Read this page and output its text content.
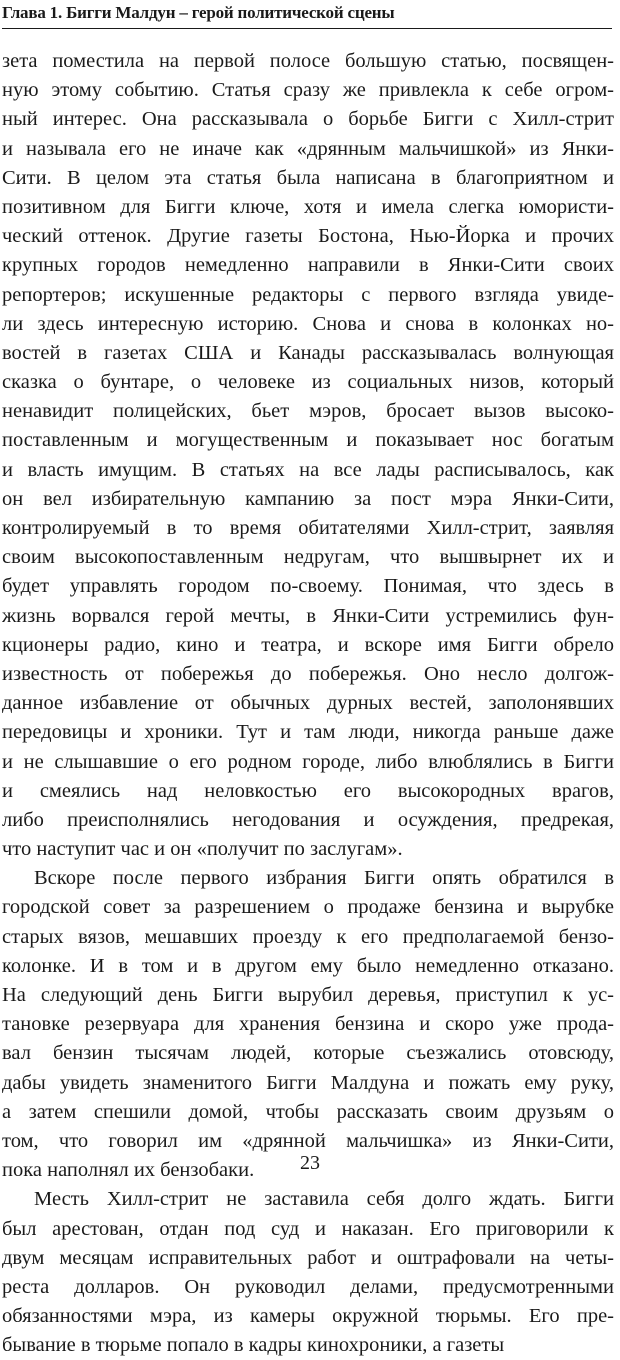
Глава 1. Бигги Малдун – герой политической сцены
зета поместила на первой полосе большую статью, посвящен-
ную этому событию. Статья сразу же привлекла к себе огром-
ный интерес. Она рассказывала о борьбе Бигги с Хилл-стрит
и называла его не иначе как «дрянным мальчишкой» из Янки-
Сити. В целом эта статья была написана в благоприятном и
позитивном для Бигги ключе, хотя и имела слегка юмористи-
ческий оттенок. Другие газеты Бостона, Нью-Йорка и прочих
крупных городов немедленно направили в Янки-Сити своих
репортеров; искушенные редакторы с первого взгляда увиде-
ли здесь интересную историю. Снова и снова в колонках но-
востей в газетах США и Канады рассказывалась волнующая
сказка о бунтаре, о человеке из социальных низов, который
ненавидит полицейских, бьет мэров, бросает вызов высоко-
поставленным и могущественным и показывает нос богатым
и власть имущим. В статьях на все лады расписывалось, как
он вел избирательную кампанию за пост мэра Янки-Сити,
контролируемый в то время обитателями Хилл-стрит, заявляя
своим высокопоставленным недругам, что вышвырнет их и
будет управлять городом по-своему. Понимая, что здесь в
жизнь ворвался герой мечты, в Янки-Сити устремились фун-
кционеры радио, кино и театра, и вскоре имя Бигги обрело
известность от побережья до побережья. Оно несло долгож-
данное избавление от обычных дурных вестей, заполонявших
передовицы и хроники. Тут и там люди, никогда раньше даже
и не слышавшие о его родном городе, либо влюблялись в Бигги
и смеялись над неловкостью его высокородных врагов,
либо преисполнялись негодования и осуждения, предрекая,
что наступит час и он «получит по заслугам».
Вскоре после первого избрания Бигги опять обратился в
городской совет за разрешением о продаже бензина и вырубке
старых вязов, мешавших проезду к его предполагаемой бензо-
колонке. И в том и в другом ему было немедленно отказано.
На следующий день Бигги вырубил деревья, приступил к ус-
тановке резервуара для хранения бензина и скоро уже прода-
вал бензин тысячам людей, которые съезжались отовсюду,
дабы увидеть знаменитого Бигги Малдуна и пожать ему руку,
а затем спешили домой, чтобы рассказать своим друзьям о
том, что говорил им «дрянной мальчишка» из Янки-Сити,
пока наполнял их бензобаки.
Месть Хилл-стрит не заставила себя долго ждать. Бигги
был арестован, отдан под суд и наказан. Его приговорили к
двум месяцам исправительных работ и оштрафовали на четы-
реста долларов. Он руководил делами, предусмотренными
обязанностями мэра, из камеры окружной тюрьмы. Его пре-
бывание в тюрьме попало в кадры кинохроники, а газеты
23
